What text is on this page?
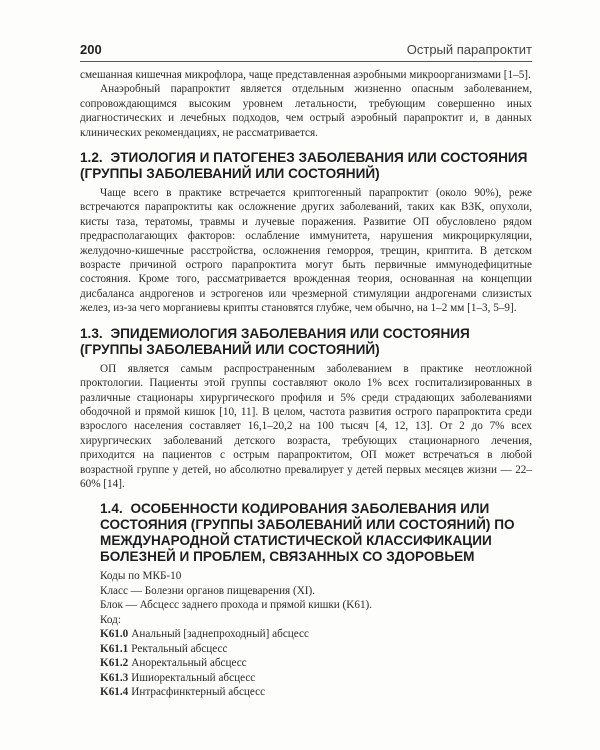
200	Острый парапроктит

смешанная кишечная микрофлора, чаще представленная аэробными микроорганизмами [1–5].

Анаэробный парапроктит является отдельным жизненно опасным заболеванием, сопровождающимся высоким уровнем летальности, требующим совершенно иных диагностических и лечебных подходов, чем острый аэробный парапроктит и, в данных клинических рекомендациях, не рассматривается.

1.2. ЭТИОЛОГИЯ И ПАТОГЕНЕЗ ЗАБОЛЕВАНИЯ ИЛИ СОСТОЯНИЯ (ГРУППЫ ЗАБОЛЕВАНИЙ ИЛИ СОСТОЯНИЙ)

Чаще всего в практике встречается криптогенный парапроктит (около 90%), реже встречаются парапроктиты как осложнение других заболеваний, таких как ВЗК, опухоли, кисты таза, тератомы, травмы и лучевые поражения. Развитие ОП обусловлено рядом предрасполагающих факторов: ослабление иммунитета, нарушения микроциркуляции, желудочно-кишечные расстройства, осложнения геморроя, трещин, криптита. В детском возрасте причиной острого парапроктита могут быть первичные иммунодефицитные состояния. Кроме того, рассматривается врожденная теория, основанная на концепции дисбаланса андрогенов и эстрогенов или чрезмерной стимуляции андрогенами слизистых желез, из-за чего морганиевы крипты становятся глубже, чем обычно, на 1–2 мм [1–3, 5–9].

1.3. ЭПИДЕМИОЛОГИЯ ЗАБОЛЕВАНИЯ ИЛИ СОСТОЯНИЯ (ГРУППЫ ЗАБОЛЕВАНИЙ ИЛИ СОСТОЯНИЙ)

ОП является самым распространенным заболеванием в практике неотложной проктологии. Пациенты этой группы составляют около 1% всех госпитализированных в различные стационары хирургического профиля и 5% среди страдающих заболеваниями ободочной и прямой кишок [10, 11]. В целом, частота развития острого парапроктита среди взрослого населения составляет 16,1–20,2 на 100 тысяч [4, 12, 13]. От 2 до 7% всех хирургических заболеваний детского возраста, требующих стационарного лечения, приходится на пациентов с острым парапроктитом, ОП может встречаться в любой возрастной группе у детей, но абсолютно превалирует у детей первых месяцев жизни — 22–60% [14].

1.4. ОСОБЕННОСТИ КОДИРОВАНИЯ ЗАБОЛЕВАНИЯ ИЛИ СОСТОЯНИЯ (ГРУППЫ ЗАБОЛЕВАНИЙ ИЛИ СОСТОЯНИЙ) ПО МЕЖДУНАРОДНОЙ СТАТИСТИЧЕСКОЙ КЛАССИФИКАЦИИ БОЛЕЗНЕЙ И ПРОБЛЕМ, СВЯЗАННЫХ СО ЗДОРОВЬЕМ
Коды по МКБ-10
Класс — Болезни органов пищеварения (XI).
Блок — Абсцесс заднего прохода и прямой кишки (K61).
Код:
K61.0 Анальный [заднепроходный] абсцесс
K61.1 Ректальный абсцесс
K61.2 Аноректальный абсцесс
K61.3 Ишиоректальный абсцесс
K61.4 Интрасфинктерный абсцесс
